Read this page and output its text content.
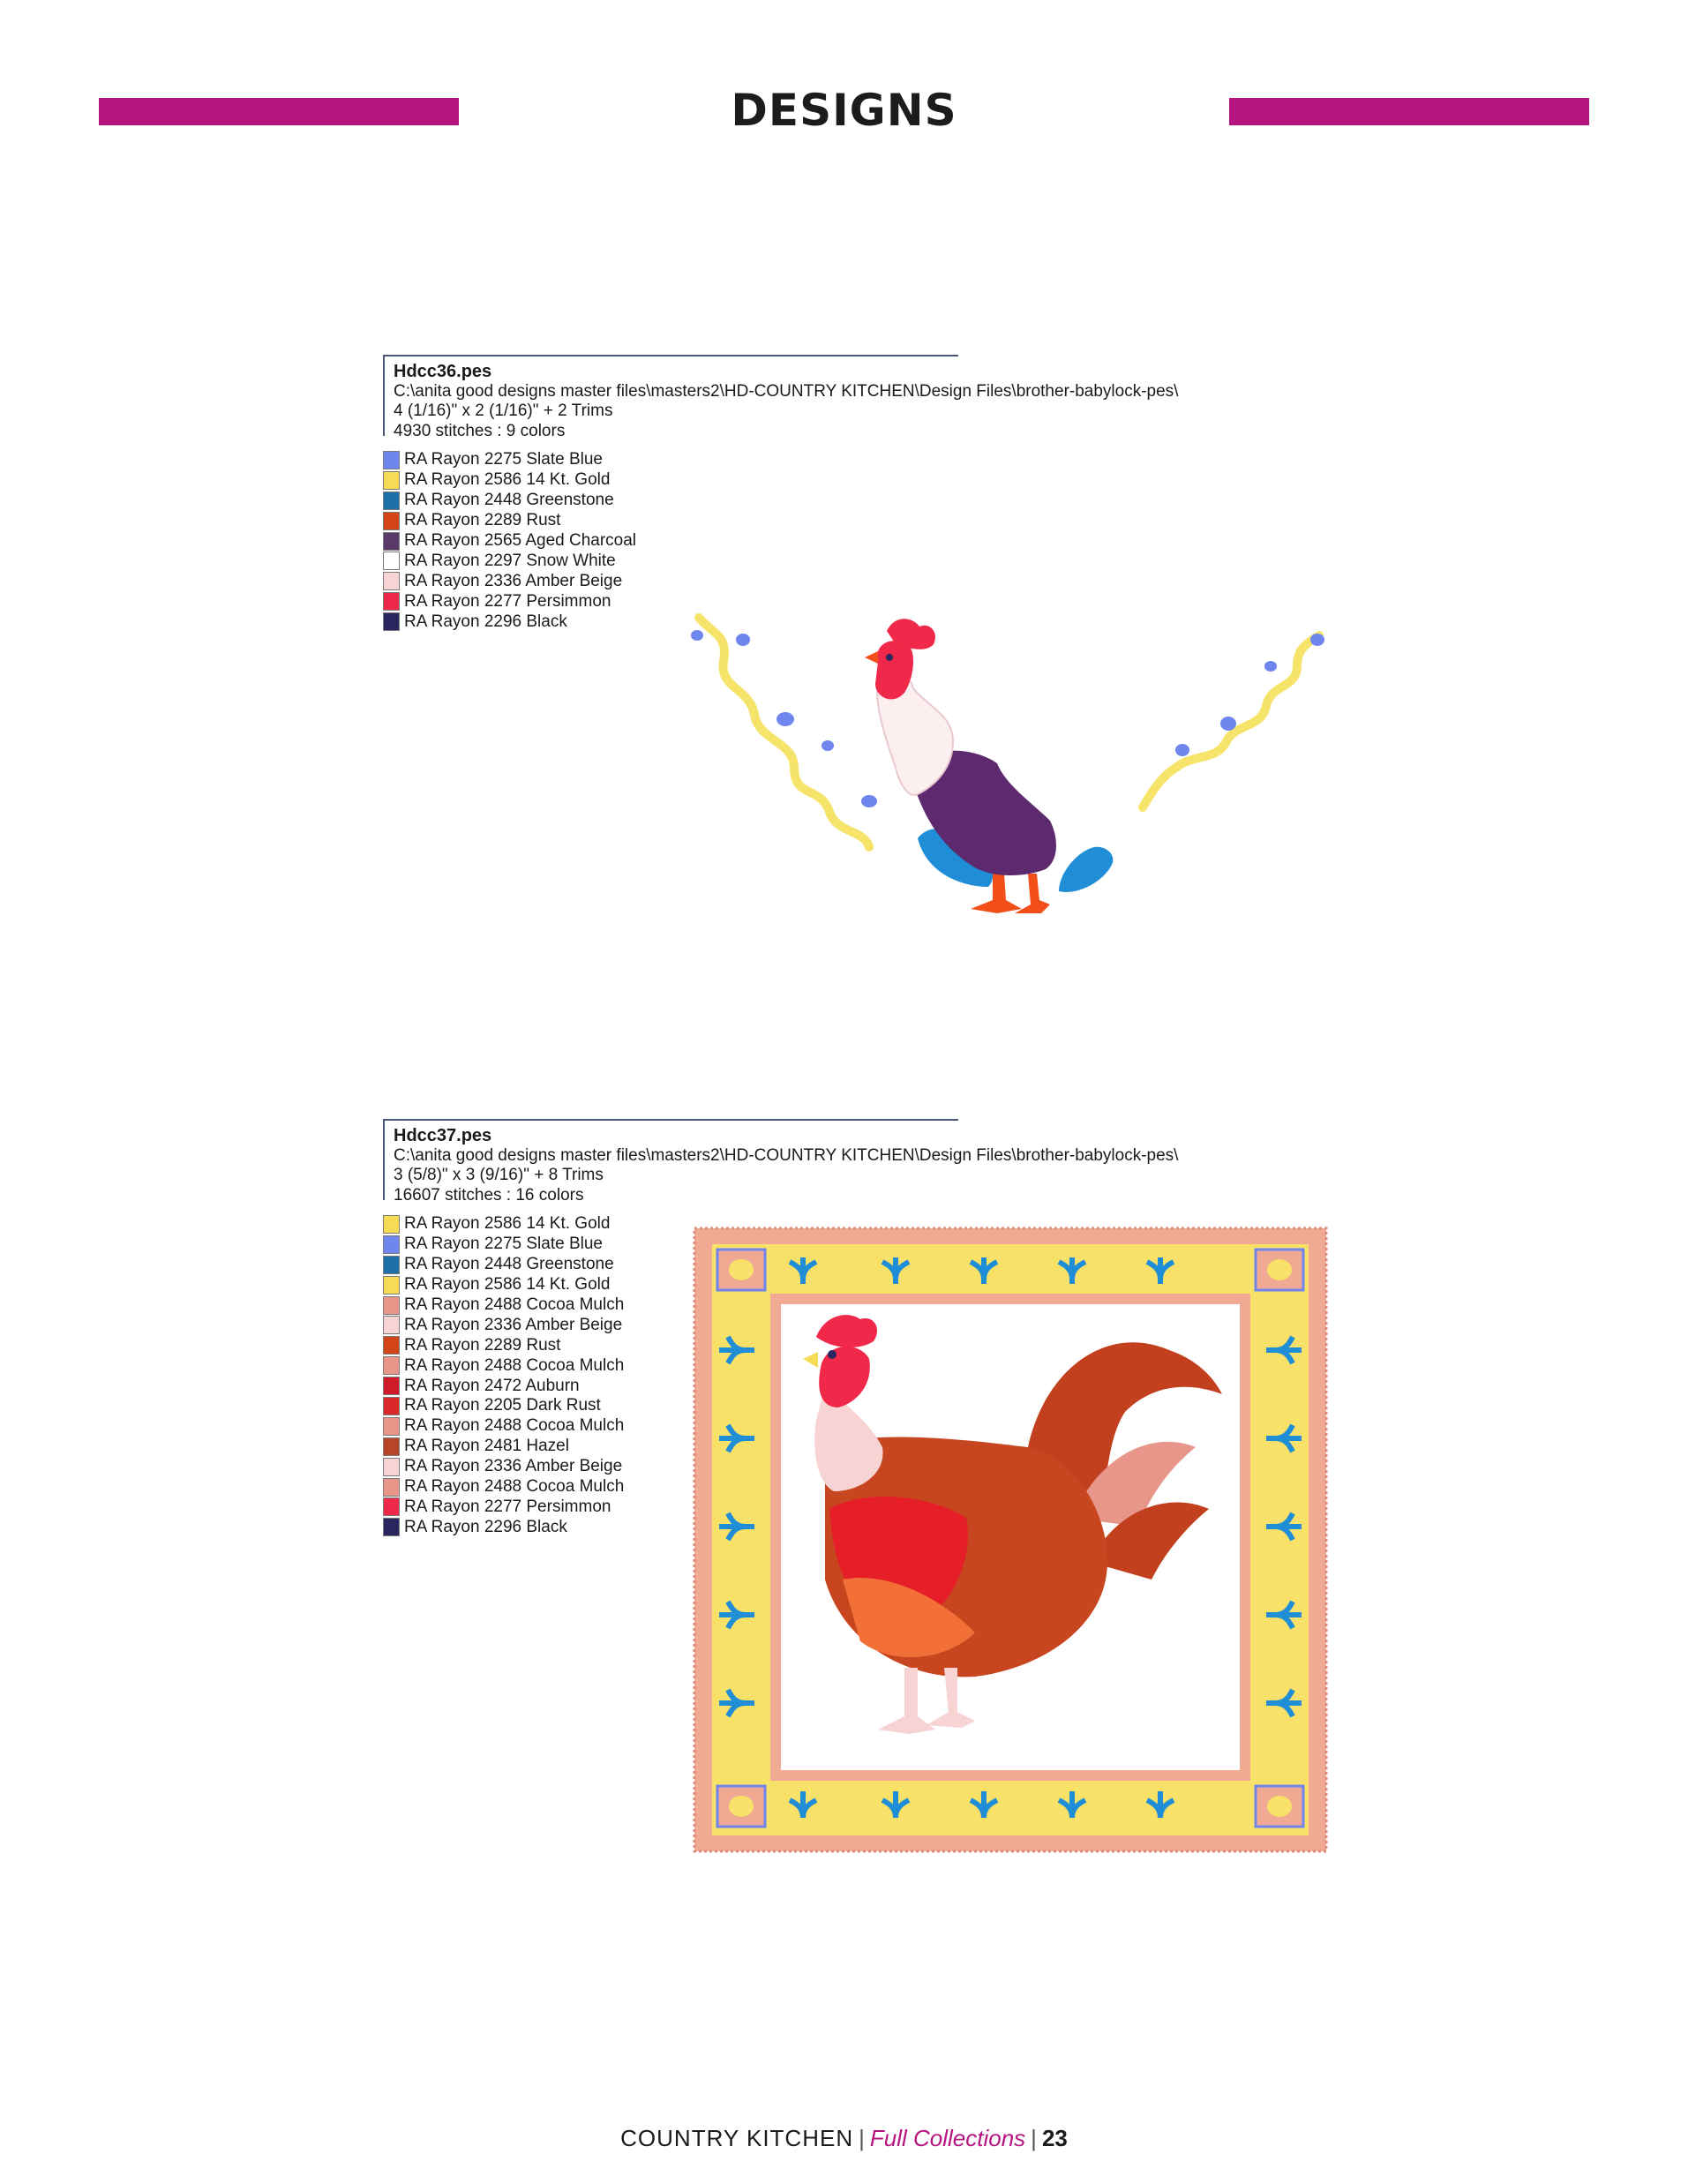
DESIGNS
Hdcc36.pes
C:\anita good designs master files\masters2\HD-COUNTRY KITCHEN\Design Files\brother-babylock-pes\
4 (1/16)" x 2 (1/16)" + 2 Trims
4930 stitches : 9 colors
RA Rayon 2275 Slate Blue
RA Rayon 2586 14 Kt. Gold
RA Rayon 2448 Greenstone
RA Rayon 2289 Rust
RA Rayon 2565 Aged Charcoal
RA Rayon 2297 Snow White
RA Rayon 2336 Amber Beige
RA Rayon 2277 Persimmon
RA Rayon 2296 Black
Hdcc37.pes
C:\anita good designs master files\masters2\HD-COUNTRY KITCHEN\Design Files\brother-babylock-pes\
3 (5/8)" x 3 (9/16)" + 8 Trims
16607 stitches : 16 colors
RA Rayon 2586 14 Kt. Gold
RA Rayon 2275 Slate Blue
RA Rayon 2448 Greenstone
RA Rayon 2586 14 Kt. Gold
RA Rayon 2488 Cocoa Mulch
RA Rayon 2336 Amber Beige
RA Rayon 2289 Rust
RA Rayon 2488 Cocoa Mulch
RA Rayon 2472 Auburn
RA Rayon 2205 Dark Rust
RA Rayon 2488 Cocoa Mulch
RA Rayon 2481 Hazel
RA Rayon 2336 Amber Beige
RA Rayon 2488 Cocoa Mulch
RA Rayon 2277 Persimmon
RA Rayon 2296 Black
COUNTRY KITCHEN | Full Collections | 23
